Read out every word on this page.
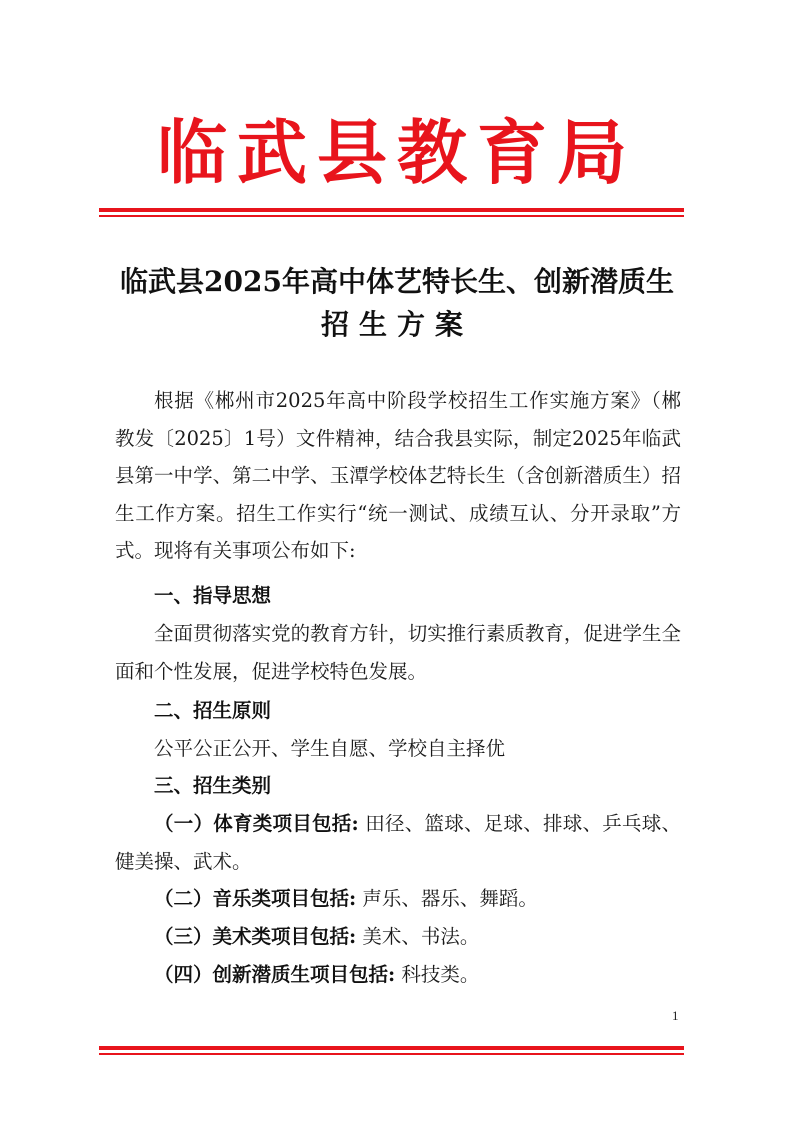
临武县教育局
临武县2025年高中体艺特长生、创新潜质生
招生方案

根据《郴州市2025年高中阶段学校招生工作实施方案》（郴教发〔2025〕1号）文件精神，结合我县实际，制定2025年临武县第一中学、第二中学、玉潭学校体艺特长生（含创新潜质生）招生工作方案。招生工作实行“统一测试、成绩互认、分开录取”方式。现将有关事项公布如下:

一、指导思想

全面贯彻落实党的教育方针，切实推行素质教育，促进学生全面和个性发展，促进学校特色发展。

二、招生原则

公平公正公开、学生自愿、学校自主择优

三、招生类别

（一）体育类项目包括: 田径、篮球、足球、排球、乒乓球、健美操、武术。

（二）音乐类项目包括: 声乐、器乐、舞蹈。

（三）美术类项目包括: 美术、书法。

（四）创新潜质生项目包括: 科技类。

1
